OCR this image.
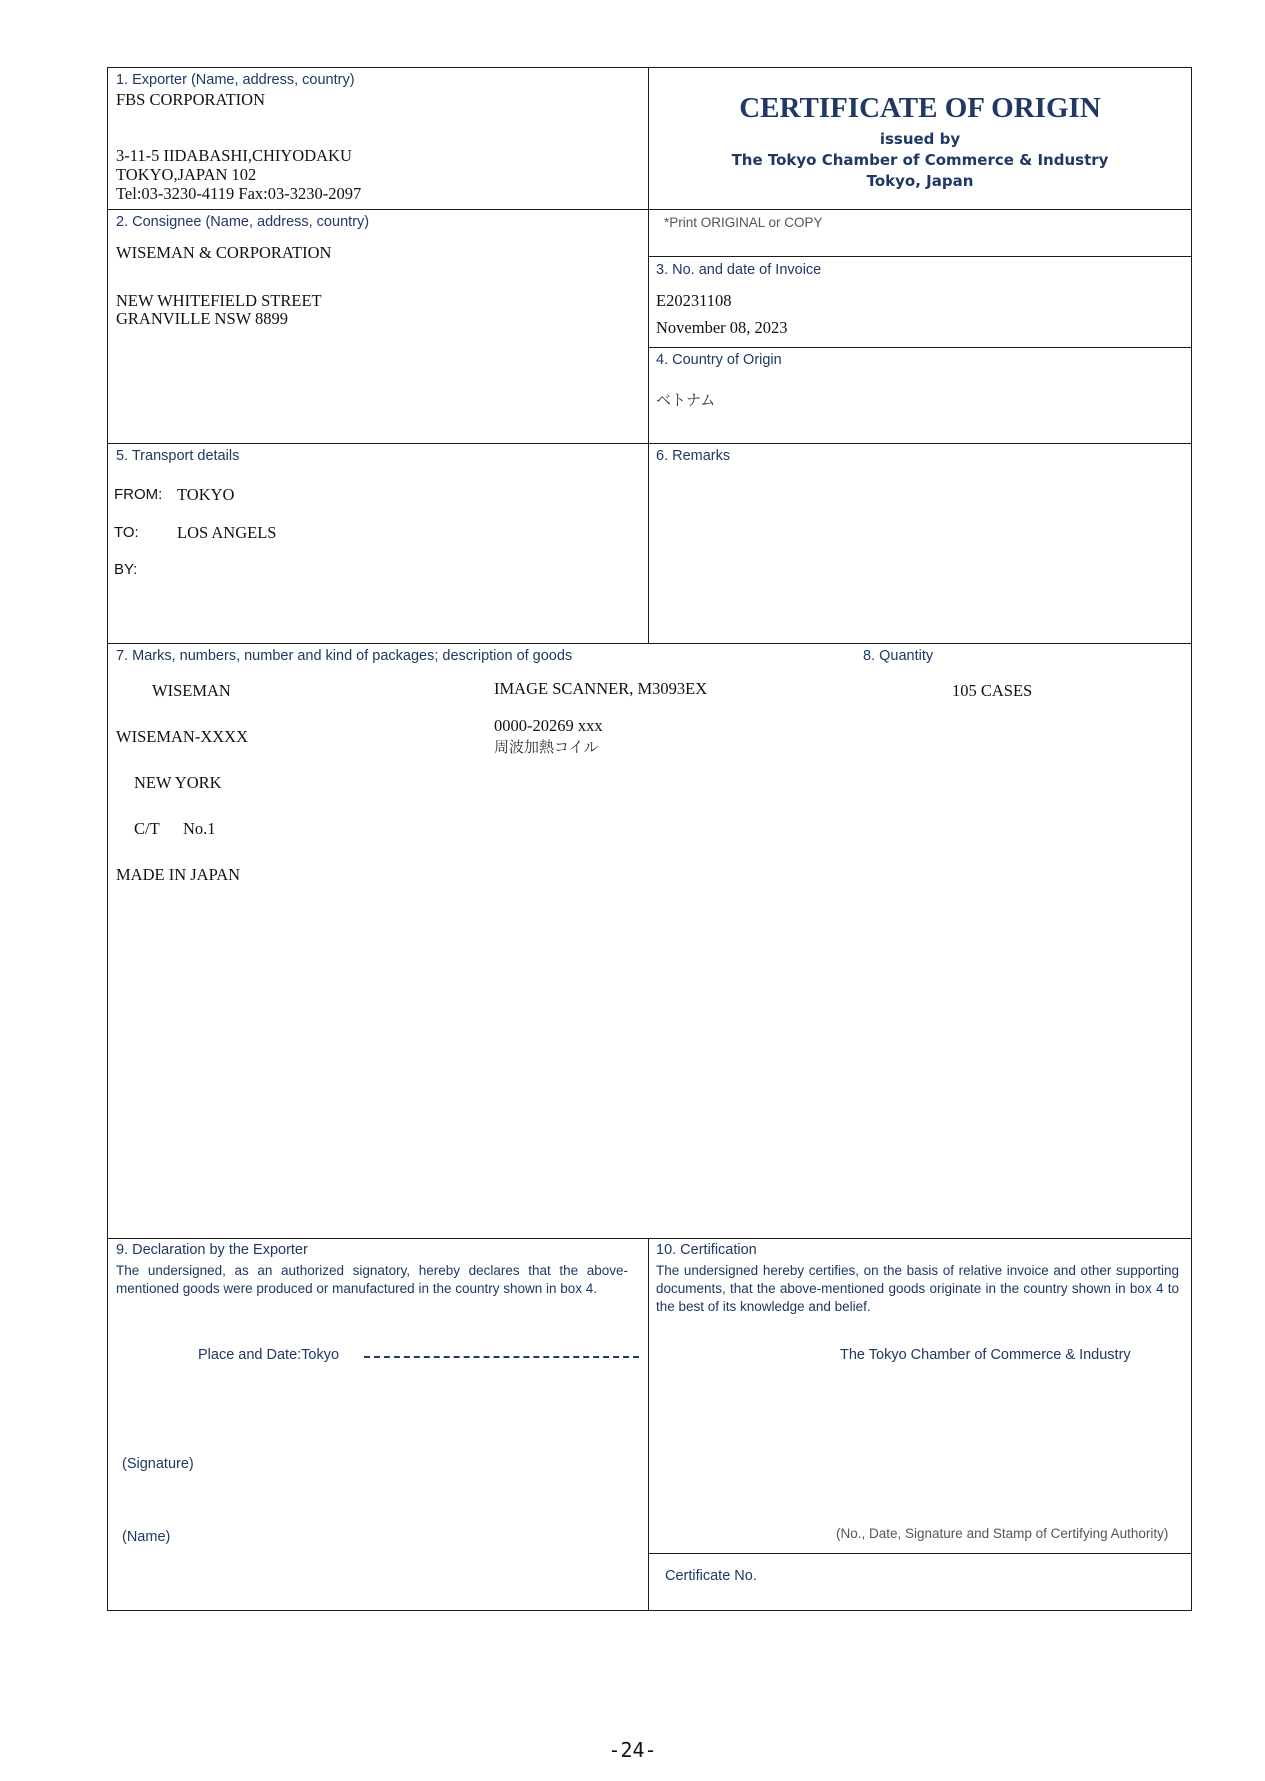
1. Exporter (Name, address, country)
FBS CORPORATION
3-11-5 IIDABASHI,CHIYODAKU
TOKYO,JAPAN 102
Tel:03-3230-4119 Fax:03-3230-2097
CERTIFICATE OF ORIGIN
issued by
The Tokyo Chamber of Commerce & Industry
Tokyo, Japan
2. Consignee (Name, address, country)
WISEMAN & CORPORATION
NEW WHITEFIELD STREET
GRANVILLE NSW 8899
*Print ORIGINAL or COPY
3. No. and date of Invoice
E20231108
November 08, 2023
4. Country of Origin
ベトナム
5. Transport details
FROM: TOKYO
TO: LOS ANGELS
BY:
6. Remarks
7. Marks, numbers, number and kind of packages; description of goods	8. Quantity
WISEMAN
WISEMAN-XXXX
NEW YORK
C/T No.1
MADE IN JAPAN
IMAGE SCANNER, M3093EX
0000-20269 xxx
周波加熱コイル
105 CASES
9. Declaration by the Exporter
The undersigned, as an authorized signatory, hereby declares that the above-mentioned goods were produced or manufactured in the country shown in box 4.
Place and Date:Tokyo
(Signature)
(Name)
10. Certification
The undersigned hereby certifies, on the basis of relative invoice and other supporting documents, that the above-mentioned goods originate in the country shown in box 4 to the best of its knowledge and belief.
The Tokyo Chamber of Commerce & Industry
(No., Date, Signature and Stamp of Certifying Authority)
Certificate No.
-24-
